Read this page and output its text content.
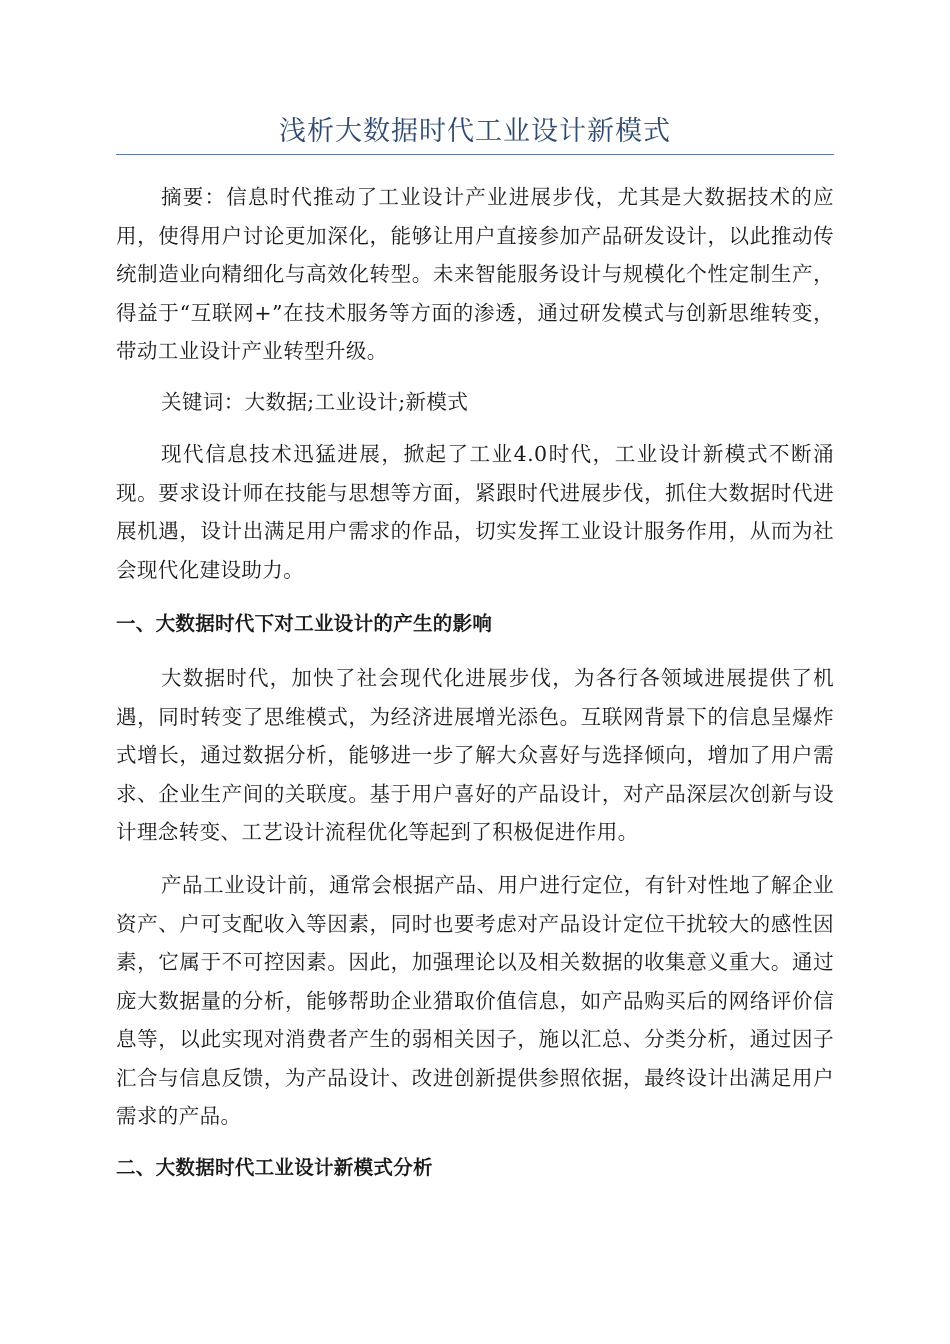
浅析大数据时代工业设计新模式

摘要：信息时代推动了工业设计产业进展步伐，尤其是大数据技术的应用，使得用户讨论更加深化，能够让用户直接参加产品研发设计，以此推动传统制造业向精细化与高效化转型。未来智能服务设计与规模化个性定制生产，得益于“互联网+”在技术服务等方面的渗透，通过研发模式与创新思维转变，带动工业设计产业转型升级。

关键词：大数据;工业设计;新模式

现代信息技术迅猛进展，掀起了工业4.0时代，工业设计新模式不断涌现。要求设计师在技能与思想等方面，紧跟时代进展步伐，抓住大数据时代进展机遇，设计出满足用户需求的作品，切实发挥工业设计服务作用，从而为社会现代化建设助力。

一、大数据时代下对工业设计的产生的影响

大数据时代，加快了社会现代化进展步伐，为各行各领域进展提供了机遇，同时转变了思维模式，为经济进展增光添色。互联网背景下的信息呈爆炸式增长，通过数据分析，能够进一步了解大众喜好与选择倾向，增加了用户需求、企业生产间的关联度。基于用户喜好的产品设计，对产品深层次创新与设计理念转变、工艺设计流程优化等起到了积极促进作用。

产品工业设计前，通常会根据产品、用户进行定位，有针对性地了解企业资产、户可支配收入等因素，同时也要考虑对产品设计定位干扰较大的感性因素，它属于不可控因素。因此，加强理论以及相关数据的收集意义重大。通过庞大数据量的分析，能够帮助企业猎取价值信息，如产品购买后的网络评价信息等，以此实现对消费者产生的弱相关因子，施以汇总、分类分析，通过因子汇合与信息反馈，为产品设计、改进创新提供参照依据，最终设计出满足用户需求的产品。

二、大数据时代工业设计新模式分析
